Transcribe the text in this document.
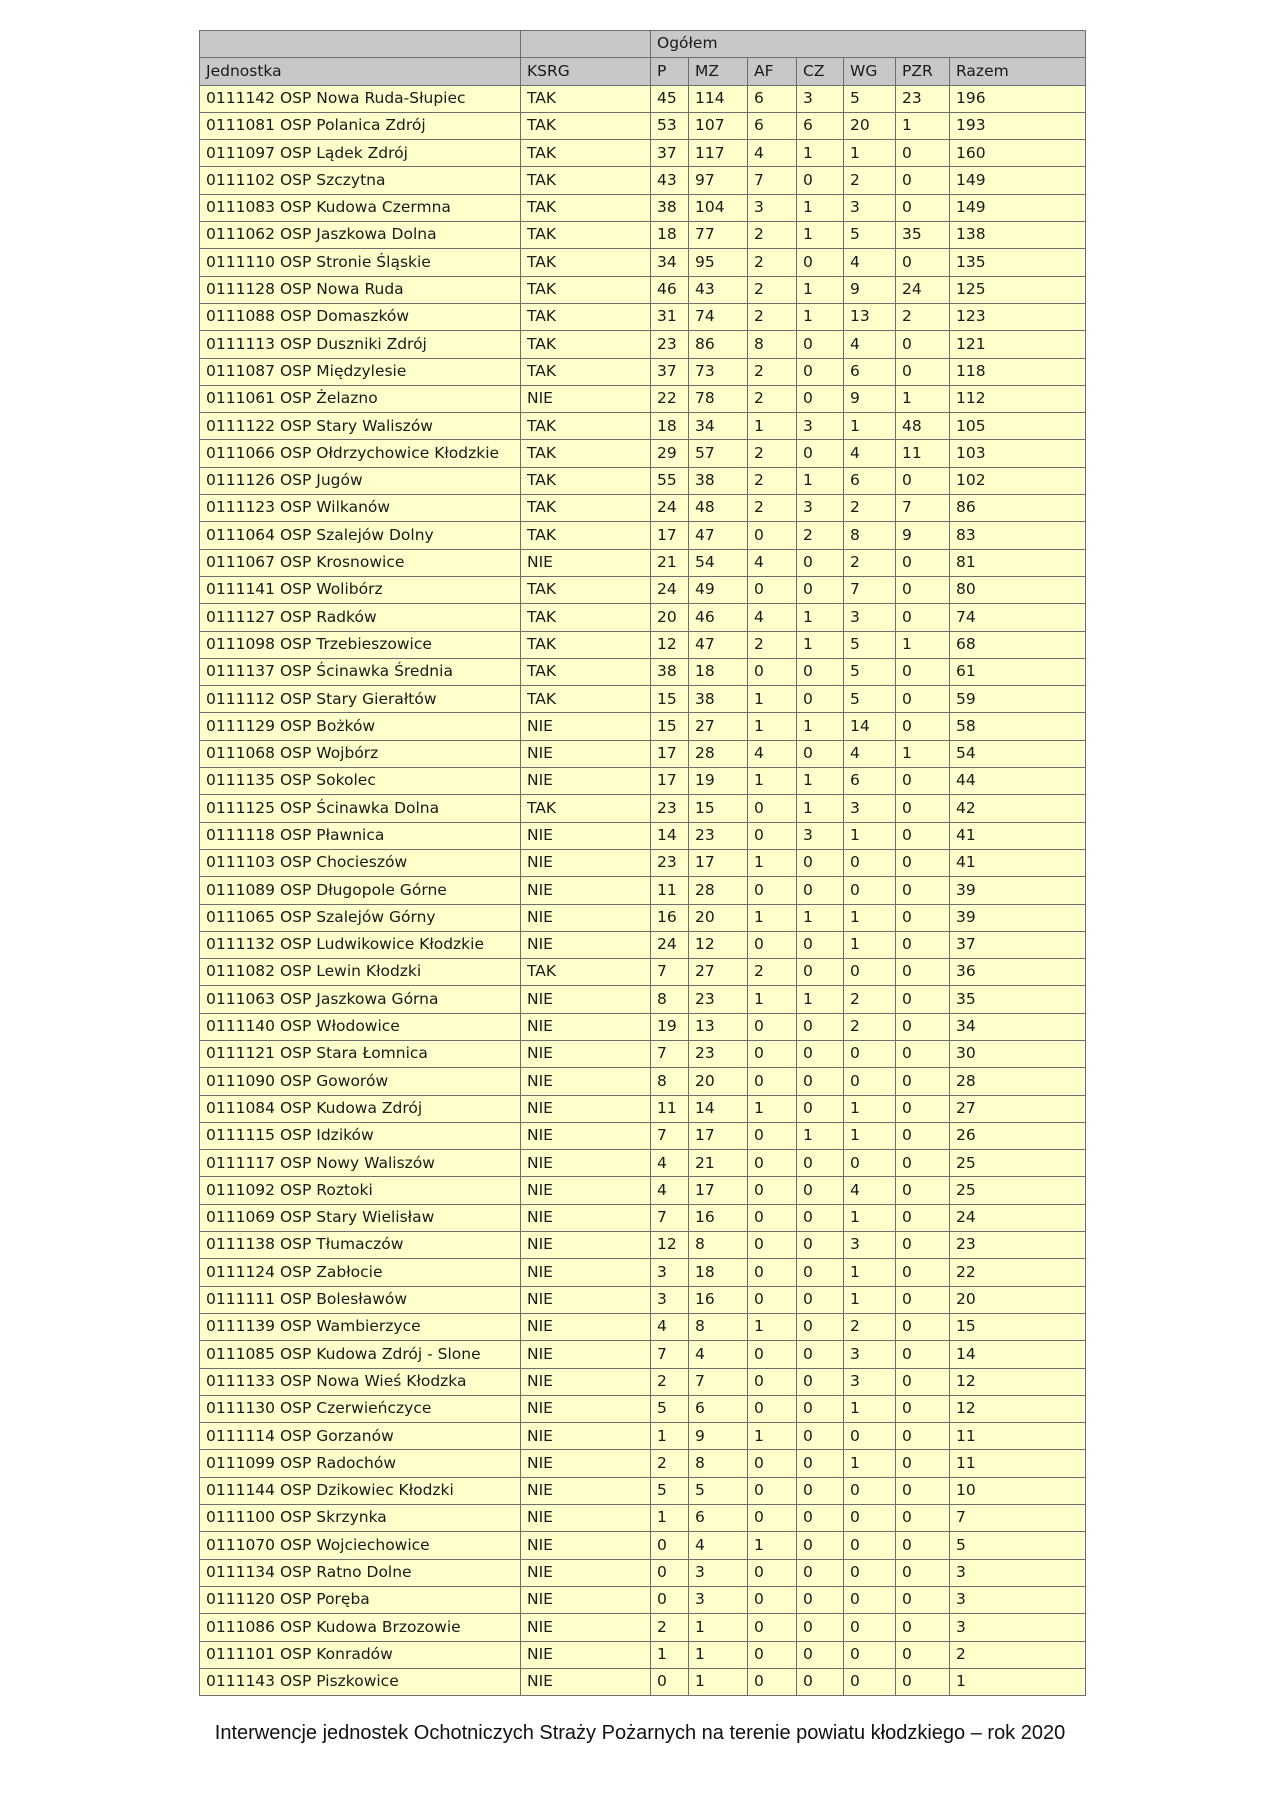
		Ogółem						
Jednostka	KSRG	P	MZ	AF	CZ	WG	PZR	Razem
0111142 OSP Nowa Ruda-Słupiec	TAK	45	114	6	3	5	23	196
0111081 OSP Polanica Zdrój	TAK	53	107	6	6	20	1	193
0111097 OSP Lądek Zdrój	TAK	37	117	4	1	1	0	160
0111102 OSP Szczytna	TAK	43	97	7	0	2	0	149
0111083 OSP Kudowa Czermna	TAK	38	104	3	1	3	0	149
0111062 OSP Jaszkowa Dolna	TAK	18	77	2	1	5	35	138
0111110 OSP Stronie Śląskie	TAK	34	95	2	0	4	0	135
0111128 OSP Nowa Ruda	TAK	46	43	2	1	9	24	125
0111088 OSP Domaszków	TAK	31	74	2	1	13	2	123
0111113 OSP Duszniki Zdrój	TAK	23	86	8	0	4	0	121
0111087 OSP Międzylesie	TAK	37	73	2	0	6	0	118
0111061 OSP Żelazno	NIE	22	78	2	0	9	1	112
0111122 OSP Stary Waliszów	TAK	18	34	1	3	1	48	105
0111066 OSP Ołdrzychowice Kłodzkie	TAK	29	57	2	0	4	11	103
0111126 OSP Jugów	TAK	55	38	2	1	6	0	102
0111123 OSP Wilkanów	TAK	24	48	2	3	2	7	86
0111064 OSP Szalejów Dolny	TAK	17	47	0	2	8	9	83
0111067 OSP Krosnowice	NIE	21	54	4	0	2	0	81
0111141 OSP Wolibórz	TAK	24	49	0	0	7	0	80
0111127 OSP Radków	TAK	20	46	4	1	3	0	74
0111098 OSP Trzebieszowice	TAK	12	47	2	1	5	1	68
0111137 OSP Ścinawka Średnia	TAK	38	18	0	0	5	0	61
0111112 OSP Stary Gierałtów	TAK	15	38	1	0	5	0	59
0111129 OSP Bożków	NIE	15	27	1	1	14	0	58
0111068 OSP Wojbórz	NIE	17	28	4	0	4	1	54
0111135 OSP Sokolec	NIE	17	19	1	1	6	0	44
0111125 OSP Ścinawka Dolna	TAK	23	15	0	1	3	0	42
0111118 OSP Pławnica	NIE	14	23	0	3	1	0	41
0111103 OSP Chocieszów	NIE	23	17	1	0	0	0	41
0111089 OSP Długopole Górne	NIE	11	28	0	0	0	0	39
0111065 OSP Szalejów Górny	NIE	16	20	1	1	1	0	39
0111132 OSP Ludwikowice Kłodzkie	NIE	24	12	0	0	1	0	37
0111082 OSP Lewin Kłodzki	TAK	7	27	2	0	0	0	36
0111063 OSP Jaszkowa Górna	NIE	8	23	1	1	2	0	35
0111140 OSP Włodowice	NIE	19	13	0	0	2	0	34
0111121 OSP Stara Łomnica	NIE	7	23	0	0	0	0	30
0111090 OSP Goworów	NIE	8	20	0	0	0	0	28
0111084 OSP Kudowa Zdrój	NIE	11	14	1	0	1	0	27
0111115 OSP Idzików	NIE	7	17	0	1	1	0	26
0111117 OSP Nowy Waliszów	NIE	4	21	0	0	0	0	25
0111092 OSP Roztoki	NIE	4	17	0	0	4	0	25
0111069 OSP Stary Wielisław	NIE	7	16	0	0	1	0	24
0111138 OSP Tłumaczów	NIE	12	8	0	0	3	0	23
0111124 OSP Zabłocie	NIE	3	18	0	0	1	0	22
0111111 OSP Bolesławów	NIE	3	16	0	0	1	0	20
0111139 OSP Wambierzyce	NIE	4	8	1	0	2	0	15
0111085 OSP Kudowa Zdrój - Slone	NIE	7	4	0	0	3	0	14
0111133 OSP Nowa Wieś Kłodzka	NIE	2	7	0	0	3	0	12
0111130 OSP Czerwieńczyce	NIE	5	6	0	0	1	0	12
0111114 OSP Gorzanów	NIE	1	9	1	0	0	0	11
0111099 OSP Radochów	NIE	2	8	0	0	1	0	11
0111144 OSP Dzikowiec Kłodzki	NIE	5	5	0	0	0	0	10
0111100 OSP Skrzynka	NIE	1	6	0	0	0	0	7
0111070 OSP Wojciechowice	NIE	0	4	1	0	0	0	5
0111134 OSP Ratno Dolne	NIE	0	3	0	0	0	0	3
0111120 OSP Poręba	NIE	0	3	0	0	0	0	3
0111086 OSP Kudowa Brzozowie	NIE	2	1	0	0	0	0	3
0111101 OSP Konradów	NIE	1	1	0	0	0	0	2
0111143 OSP Piszkowice	NIE	0	1	0	0	0	0	1
Interwencje jednostek Ochotniczych Straży Pożarnych na terenie powiatu kłodzkiego – rok 2020
